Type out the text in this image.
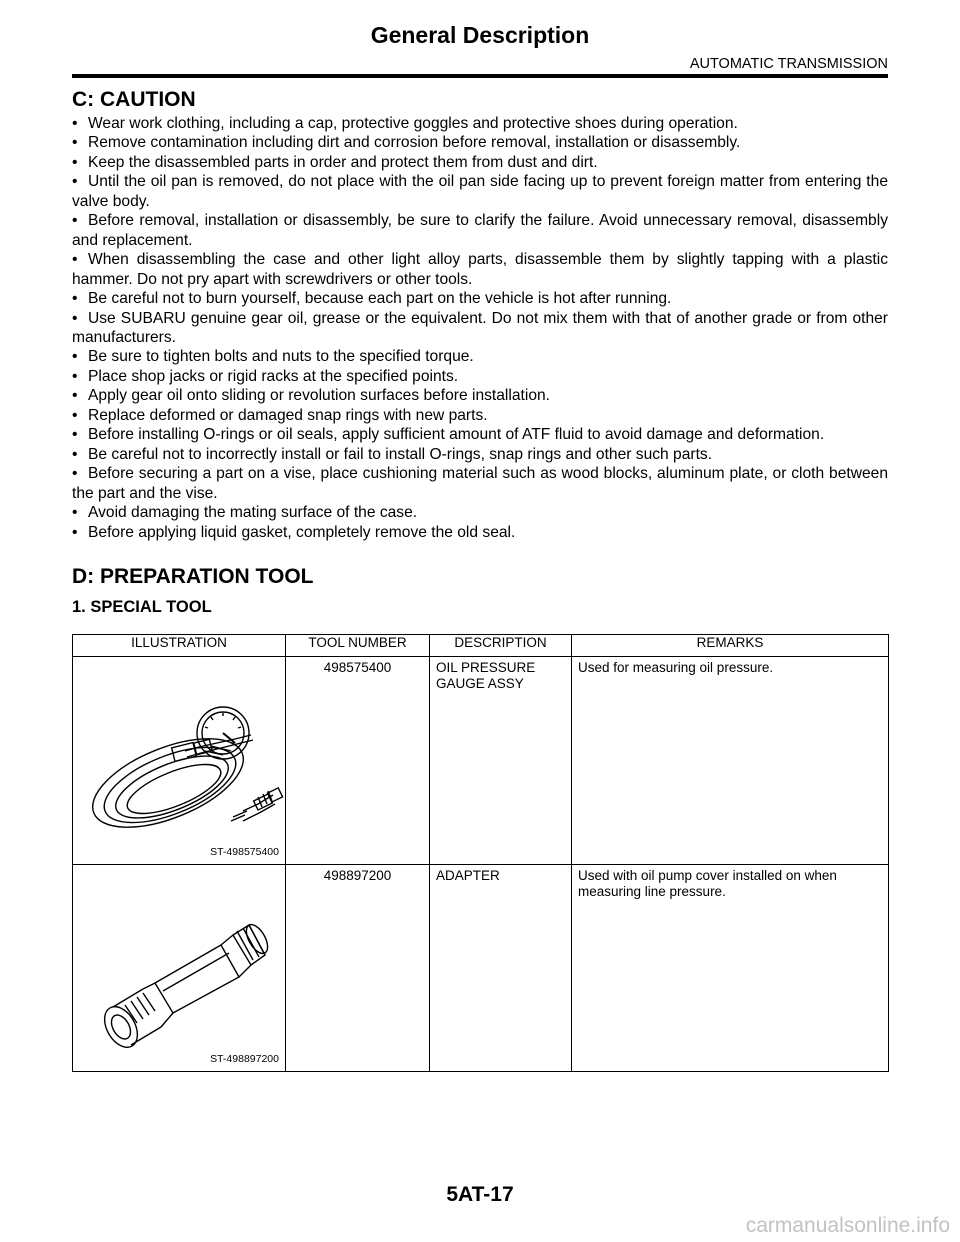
General Description
AUTOMATIC TRANSMISSION
C: CAUTION
• Wear work clothing, including a cap, protective goggles and protective shoes during operation.
• Remove contamination including dirt and corrosion before removal, installation or disassembly.
• Keep the disassembled parts in order and protect them from dust and dirt.
• Until the oil pan is removed, do not place with the oil pan side facing up to prevent foreign matter from entering the valve body.
• Before removal, installation or disassembly, be sure to clarify the failure. Avoid unnecessary removal, disassembly and replacement.
• When disassembling the case and other light alloy parts, disassemble them by slightly tapping with a plastic hammer. Do not pry apart with screwdrivers or other tools.
• Be careful not to burn yourself, because each part on the vehicle is hot after running.
• Use SUBARU genuine gear oil, grease or the equivalent. Do not mix them with that of another grade or from other manufacturers.
• Be sure to tighten bolts and nuts to the specified torque.
• Place shop jacks or rigid racks at the specified points.
• Apply gear oil onto sliding or revolution surfaces before installation.
• Replace deformed or damaged snap rings with new parts.
• Before installing O-rings or oil seals, apply sufficient amount of ATF fluid to avoid damage and deformation.
• Be careful not to incorrectly install or fail to install O-rings, snap rings and other such parts.
• Before securing a part on a vise, place cushioning material such as wood blocks, aluminum plate, or cloth between the part and the vise.
• Avoid damaging the mating surface of the case.
• Before applying liquid gasket, completely remove the old seal.
D: PREPARATION TOOL
1. SPECIAL TOOL
ILLUSTRATION	TOOL NUMBER	DESCRIPTION	REMARKS

ST-498575400	498575400	OIL PRESSURE GAUGE ASSY	Used for measuring oil pressure.

ST-498897200	498897200	ADAPTER	Used with oil pump cover installed on when measuring line pressure.
5AT-17
carmanualsonline.info
